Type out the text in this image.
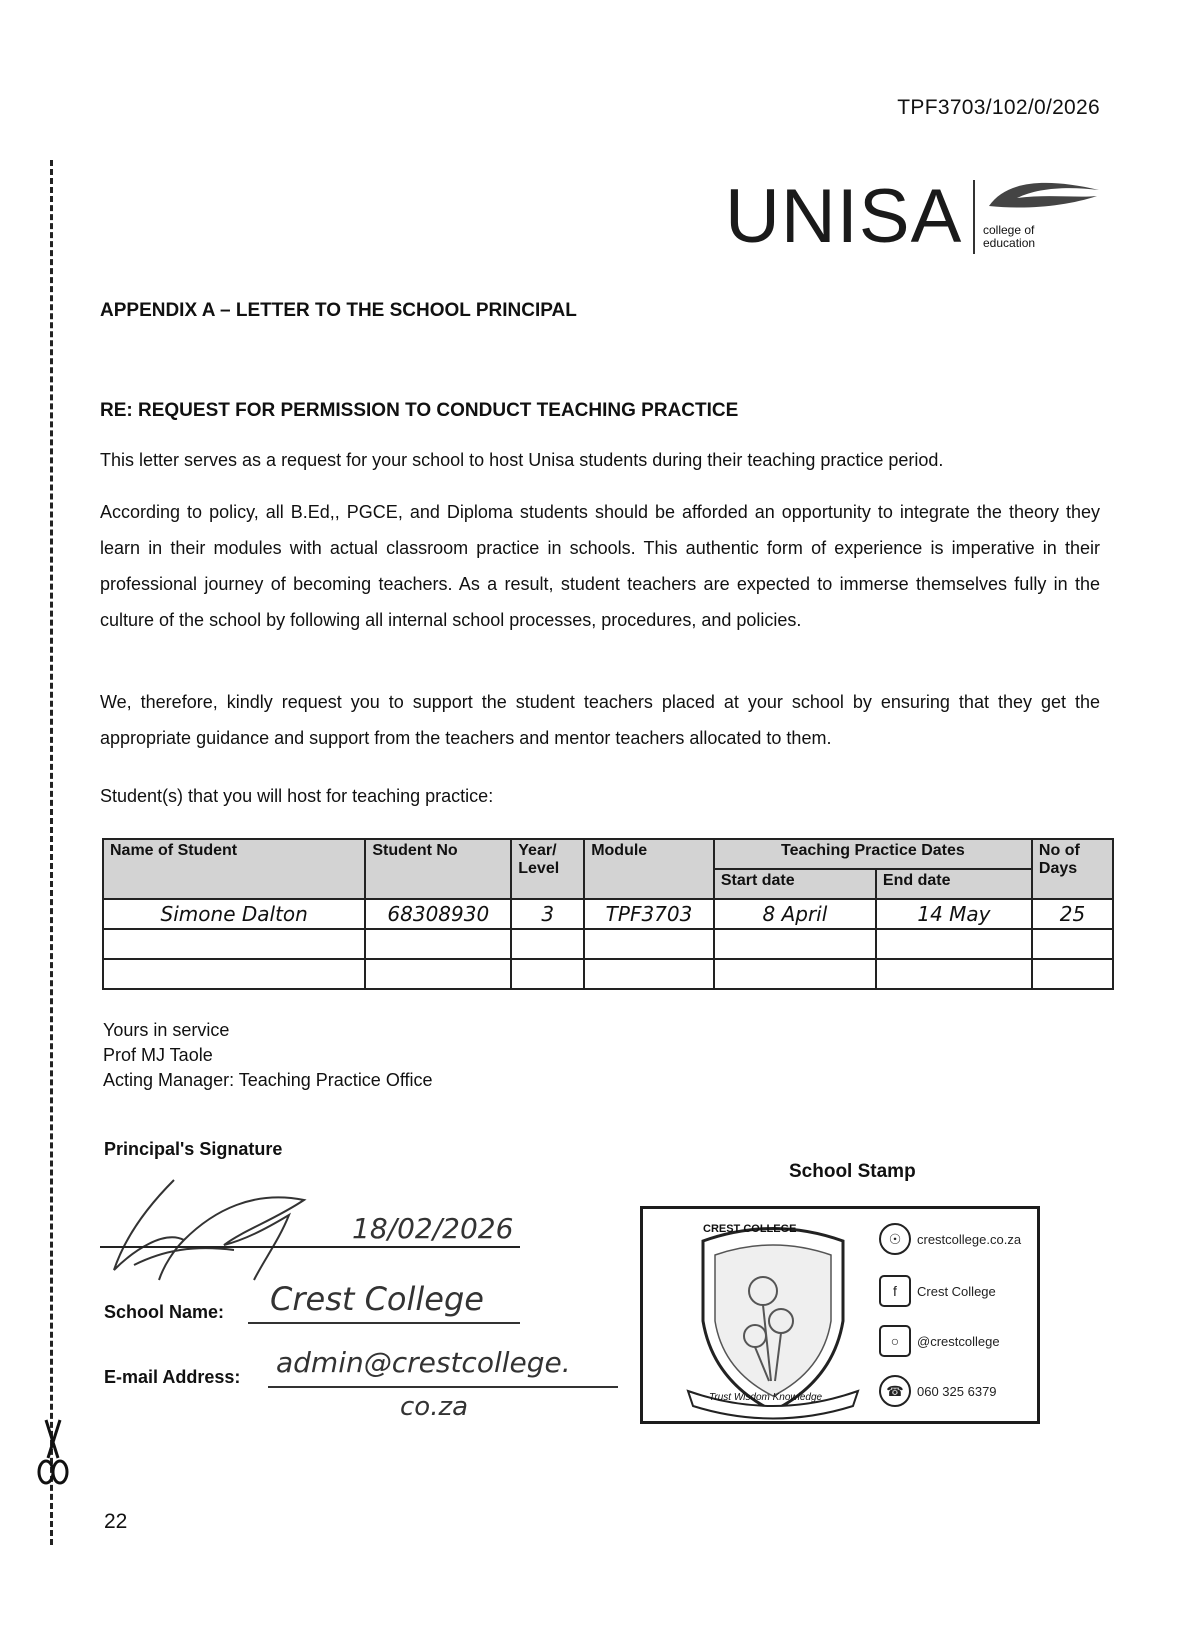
TPF3703/102/0/2026
UNISA college of education
APPENDIX A – LETTER TO THE SCHOOL PRINCIPAL
RE: REQUEST FOR PERMISSION TO CONDUCT TEACHING PRACTICE
This letter serves as a request for your school to host Unisa students during their teaching practice period.
According to policy, all B.Ed,, PGCE, and Diploma students should be afforded an opportunity to integrate the theory they learn in their modules with actual classroom practice in schools. This authentic form of experience is imperative in their professional journey of becoming teachers. As a result, student teachers are expected to immerse themselves fully in the culture of the school by following all internal school processes, procedures, and policies.
We, therefore, kindly request you to support the student teachers placed at your school by ensuring that they get the appropriate guidance and support from the teachers and mentor teachers allocated to them.
Student(s) that you will host for teaching practice:
Name of Student	Student No	Year/ Level	Module	Teaching Practice Dates		No of Days
				Start date	End date	
Simone Dalton	68308930	3	TPF3703	8 April	14 May	25

Yours in service
Prof MJ Taole
Acting Manager: Teaching Practice Office
Principal's Signature
18/02/2026
School Name: Crest College
E-mail Address: admin@crestcollege.
co.za
School Stamp
CREST COLLEGE
Trust Wisdom Knowledge
☉	crestcollege.co.za
f	Crest College
○	@crestcollege
☎	060 325 6379
22
